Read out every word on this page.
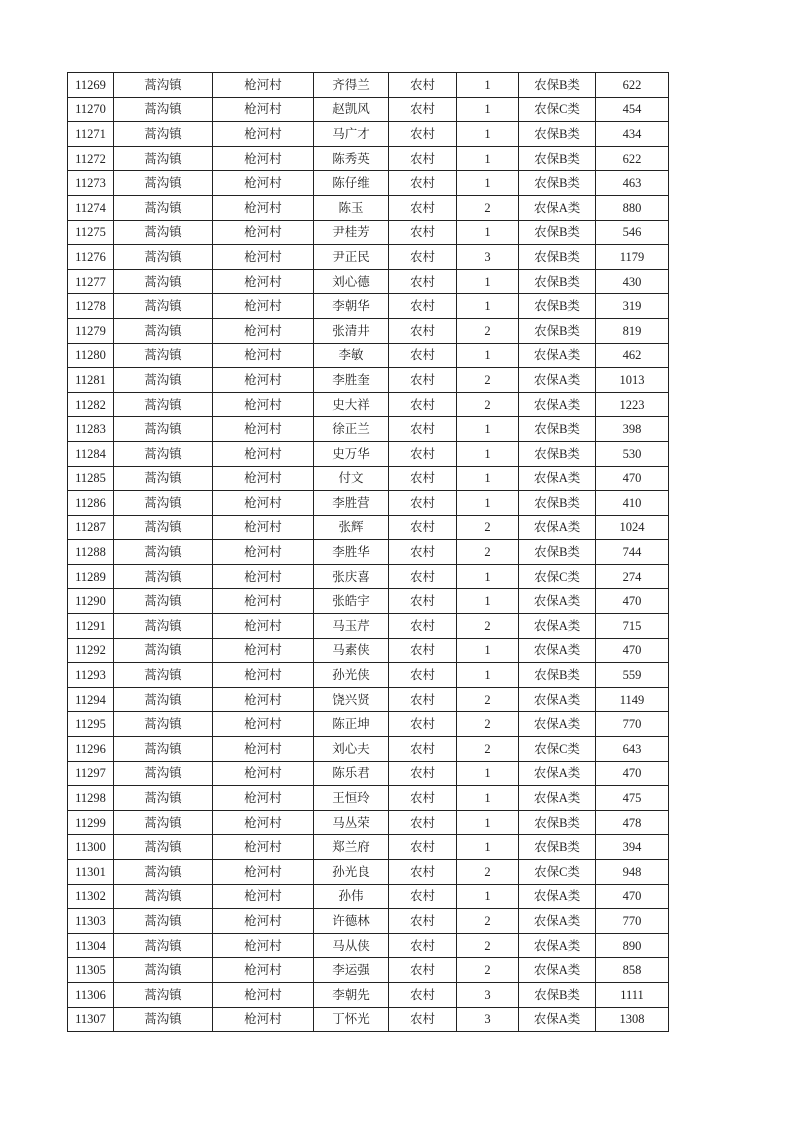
11269	蒿沟镇	枪河村	齐得兰	农村	1	农保B类	622
11270	蒿沟镇	枪河村	赵凯风	农村	1	农保C类	454
11271	蒿沟镇	枪河村	马广才	农村	1	农保B类	434
11272	蒿沟镇	枪河村	陈秀英	农村	1	农保B类	622
11273	蒿沟镇	枪河村	陈仔维	农村	1	农保B类	463
11274	蒿沟镇	枪河村	陈玉	农村	2	农保A类	880
11275	蒿沟镇	枪河村	尹桂芳	农村	1	农保B类	546
11276	蒿沟镇	枪河村	尹正民	农村	3	农保B类	1179
11277	蒿沟镇	枪河村	刘心德	农村	1	农保B类	430
11278	蒿沟镇	枪河村	李朝华	农村	1	农保B类	319
11279	蒿沟镇	枪河村	张清井	农村	2	农保B类	819
11280	蒿沟镇	枪河村	李敏	农村	1	农保A类	462
11281	蒿沟镇	枪河村	李胜奎	农村	2	农保A类	1013
11282	蒿沟镇	枪河村	史大祥	农村	2	农保A类	1223
11283	蒿沟镇	枪河村	徐正兰	农村	1	农保B类	398
11284	蒿沟镇	枪河村	史万华	农村	1	农保B类	530
11285	蒿沟镇	枪河村	付文	农村	1	农保A类	470
11286	蒿沟镇	枪河村	李胜营	农村	1	农保B类	410
11287	蒿沟镇	枪河村	张辉	农村	2	农保A类	1024
11288	蒿沟镇	枪河村	李胜华	农村	2	农保B类	744
11289	蒿沟镇	枪河村	张庆喜	农村	1	农保C类	274
11290	蒿沟镇	枪河村	张皓宇	农村	1	农保A类	470
11291	蒿沟镇	枪河村	马玉芹	农村	2	农保A类	715
11292	蒿沟镇	枪河村	马素侠	农村	1	农保A类	470
11293	蒿沟镇	枪河村	孙光侠	农村	1	农保B类	559
11294	蒿沟镇	枪河村	饶兴贤	农村	2	农保A类	1149
11295	蒿沟镇	枪河村	陈正坤	农村	2	农保A类	770
11296	蒿沟镇	枪河村	刘心夫	农村	2	农保C类	643
11297	蒿沟镇	枪河村	陈乐君	农村	1	农保A类	470
11298	蒿沟镇	枪河村	王恒玲	农村	1	农保A类	475
11299	蒿沟镇	枪河村	马丛荣	农村	1	农保B类	478
11300	蒿沟镇	枪河村	郑兰府	农村	1	农保B类	394
11301	蒿沟镇	枪河村	孙光良	农村	2	农保C类	948
11302	蒿沟镇	枪河村	孙伟	农村	1	农保A类	470
11303	蒿沟镇	枪河村	许德林	农村	2	农保A类	770
11304	蒿沟镇	枪河村	马从侠	农村	2	农保A类	890
11305	蒿沟镇	枪河村	李运强	农村	2	农保A类	858
11306	蒿沟镇	枪河村	李朝先	农村	3	农保B类	1111
11307	蒿沟镇	枪河村	丁怀光	农村	3	农保A类	1308
